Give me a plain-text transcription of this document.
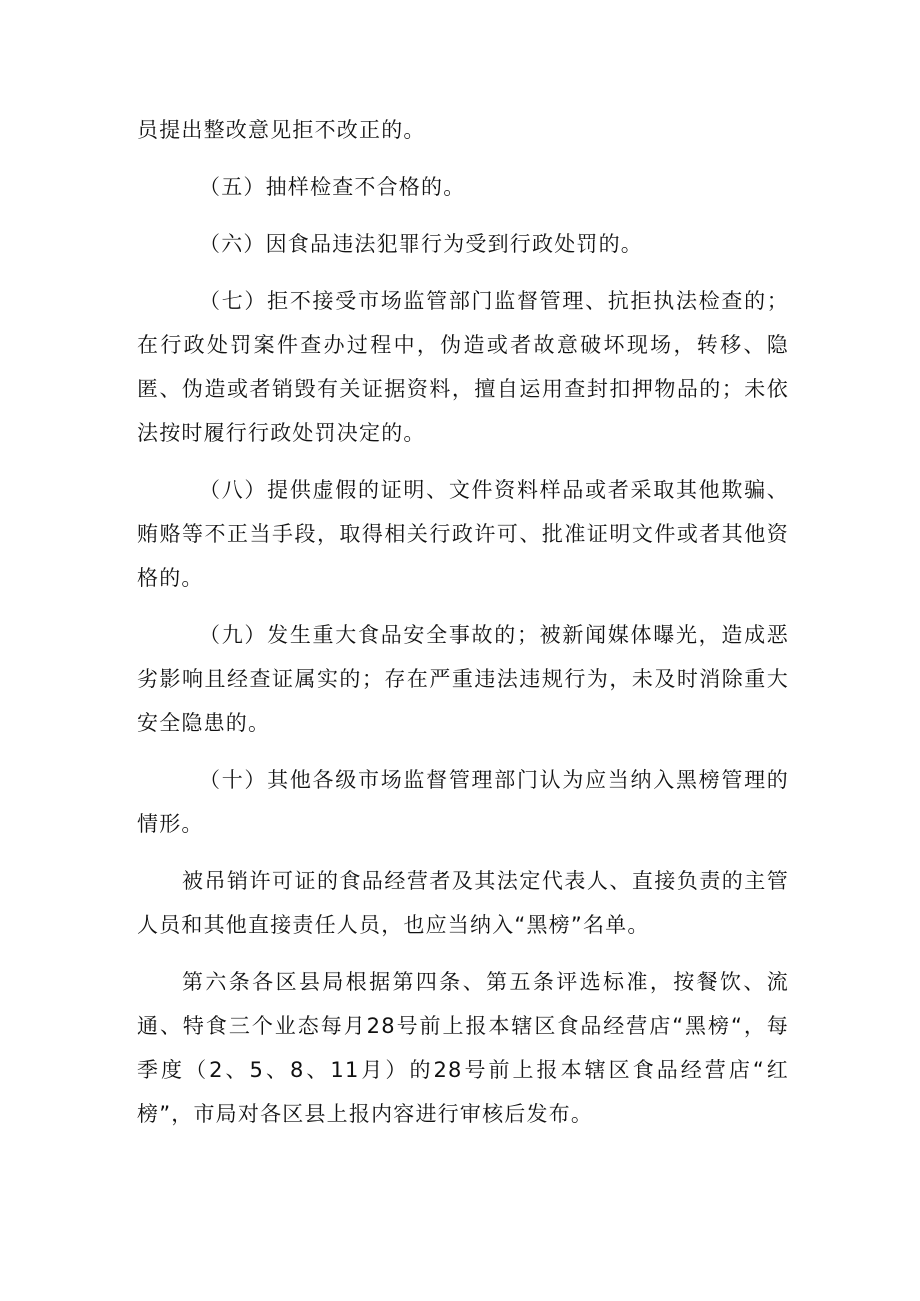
员提出整改意见拒不改正的。

（五）抽样检查不合格的。

（六）因食品违法犯罪行为受到行政处罚的。

（七）拒不接受市场监管部门监督管理、抗拒执法检查的；在行政处罚案件查办过程中，伪造或者故意破坏现场，转移、隐匿、伪造或者销毁有关证据资料，擅自运用查封扣押物品的；未依法按时履行行政处罚决定的。

（八）提供虚假的证明、文件资料样品或者采取其他欺骗、贿赂等不正当手段，取得相关行政许可、批准证明文件或者其他资格的。

（九）发生重大食品安全事故的；被新闻媒体曝光，造成恶劣影响且经查证属实的；存在严重违法违规行为，未及时消除重大安全隐患的。

（十）其他各级市场监督管理部门认为应当纳入黑榜管理的情形。

被吊销许可证的食品经营者及其法定代表人、直接负责的主管人员和其他直接责任人员，也应当纳入“黑榜”名单。

第六条各区县局根据第四条、第五条评选标准，按餐饮、流通、特食三个业态每月28号前上报本辖区食品经营店“黑榜“，每季度（2、5、8、11月）的28号前上报本辖区食品经营店“红榜”，市局对各区县上报内容进行审核后发布。
